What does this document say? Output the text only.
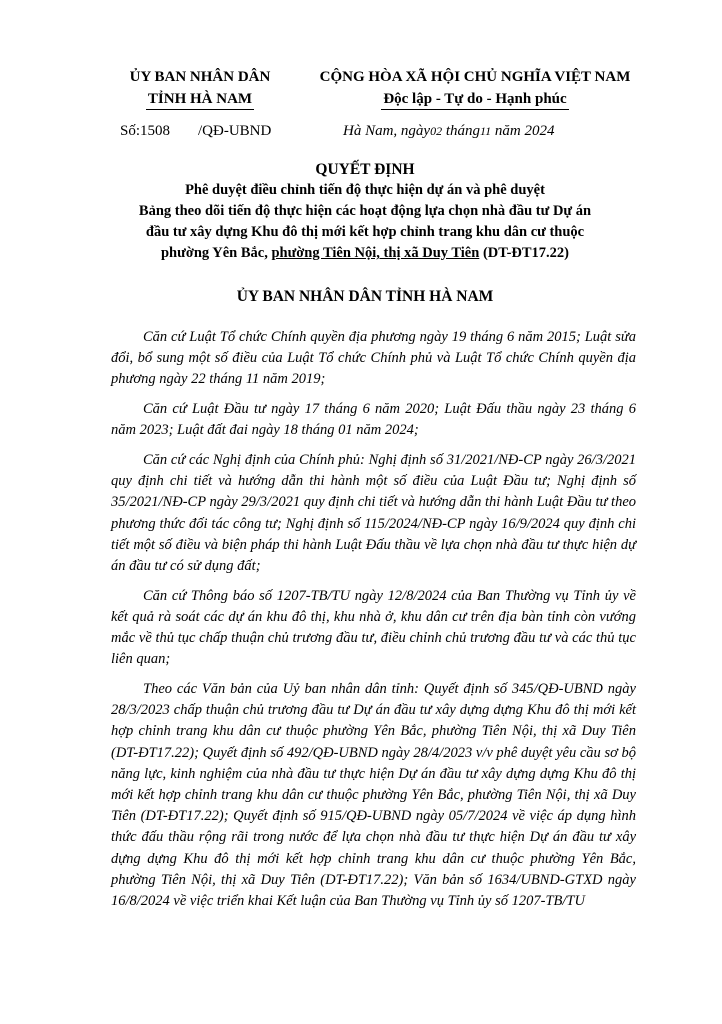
ỦY BAN NHÂN DÂN
TỈNH HÀ NAM
CỘNG HÒA XÃ HỘI CHỦ NGHĨA VIỆT NAM
Độc lập - Tự do - Hạnh phúc
Số:1508 /QĐ-UBND	Hà Nam, ngày02 tháng11 năm 2024
QUYẾT ĐỊNH
Phê duyệt điều chỉnh tiến độ thực hiện dự án và phê duyệt
Bảng theo dõi tiến độ thực hiện các hoạt động lựa chọn nhà đầu tư Dự án
đầu tư xây dựng Khu đô thị mới kết hợp chỉnh trang khu dân cư thuộc
phường Yên Bắc, phường Tiên Nội, thị xã Duy Tiên (DT-ĐT17.22)
ỦY BAN NHÂN DÂN TỈNH HÀ NAM

Căn cứ Luật Tổ chức Chính quyền địa phương ngày 19 tháng 6 năm 2015; Luật sửa đổi, bổ sung một số điều của Luật Tổ chức Chính phủ và Luật Tổ chức Chính quyền địa phương ngày 22 tháng 11 năm 2019;

Căn cứ Luật Đầu tư ngày 17 tháng 6 năm 2020; Luật Đấu thầu ngày 23 tháng 6 năm 2023; Luật đất đai ngày 18 tháng 01 năm 2024;

Căn cứ các Nghị định của Chính phủ: Nghị định số 31/2021/NĐ-CP ngày 26/3/2021 quy định chi tiết và hướng dẫn thi hành một số điều của Luật Đầu tư; Nghị định số 35/2021/NĐ-CP ngày 29/3/2021 quy định chi tiết và hướng dẫn thi hành Luật Đầu tư theo phương thức đối tác công tư; Nghị định số 115/2024/NĐ-CP ngày 16/9/2024 quy định chi tiết một số điều và biện pháp thi hành Luật Đấu thầu về lựa chọn nhà đầu tư thực hiện dự án đầu tư có sử dụng đất;

Căn cứ Thông báo số 1207-TB/TU ngày 12/8/2024 của Ban Thường vụ Tỉnh ủy về kết quả rà soát các dự án khu đô thị, khu nhà ở, khu dân cư trên địa bàn tỉnh còn vướng mắc về thủ tục chấp thuận chủ trương đầu tư, điều chỉnh chủ trương đầu tư và các thủ tục liên quan;

Theo các Văn bản của Uỷ ban nhân dân tỉnh: Quyết định số 345/QĐ-UBND ngày 28/3/2023 chấp thuận chủ trương đầu tư Dự án đầu tư xây dựng dựng Khu đô thị mới kết hợp chỉnh trang khu dân cư thuộc phường Yên Bắc, phường Tiên Nội, thị xã Duy Tiên (DT-ĐT17.22); Quyết định số 492/QĐ-UBND ngày 28/4/2023 v/v phê duyệt yêu cầu sơ bộ năng lực, kinh nghiệm của nhà đầu tư thực hiện Dự án đầu tư xây dựng dựng Khu đô thị mới kết hợp chỉnh trang khu dân cư thuộc phường Yên Bắc, phường Tiên Nội, thị xã Duy Tiên (DT-ĐT17.22); Quyết định số 915/QĐ-UBND ngày 05/7/2024 về việc áp dụng hình thức đấu thầu rộng rãi trong nước để lựa chọn nhà đầu tư thực hiện Dự án đầu tư xây dựng dựng Khu đô thị mới kết hợp chỉnh trang khu dân cư thuộc phường Yên Bắc, phường Tiên Nội, thị xã Duy Tiên (DT-ĐT17.22); Văn bản số 1634/UBND-GTXD ngày 16/8/2024 về việc triển khai Kết luận của Ban Thường vụ Tỉnh ủy số 1207-TB/TU
